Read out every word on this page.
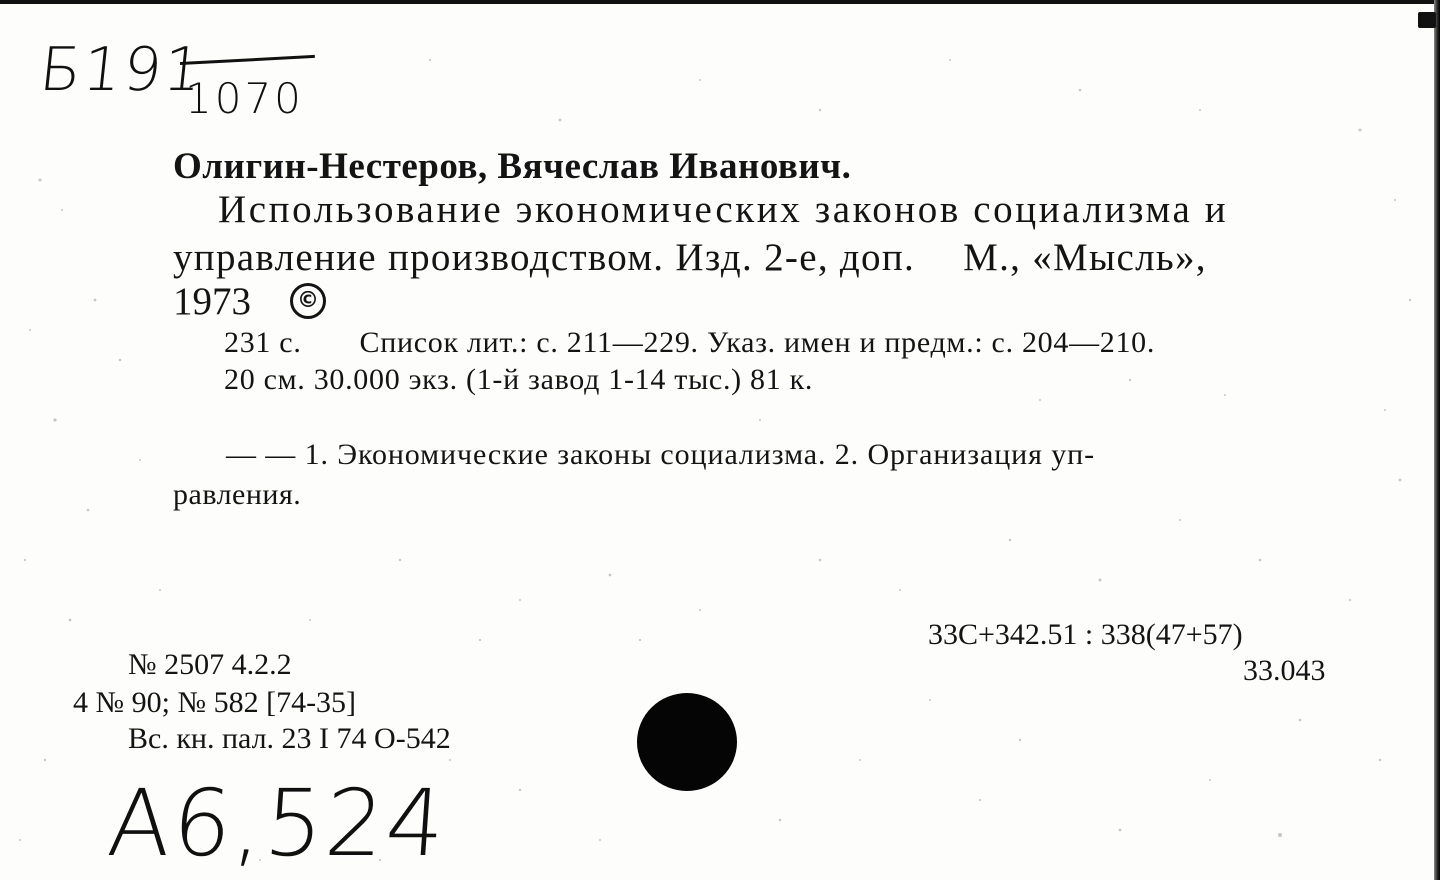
Б191
1070
Олигин-Нестеров, Вячеслав Иванович.
Использование экономических законов социализма и
управление производством. Изд. 2-е, доп. М., «Мысль»,
1973	©
231 с. Список лит.: с. 211—229. Указ. имен и предм.: с. 204—210.
20 см. 30.000 экз. (1-й завод 1-14 тыс.) 81 к.
— — 1. Экономические законы социализма. 2. Организация уп-
равления.
33С+342.51 : 338(47+57)
33.043
№ 2507 4.2.2
4 № 90; № 582 [74-35]
Вс. кн. пал. 23 I 74 О-542
А6,524
